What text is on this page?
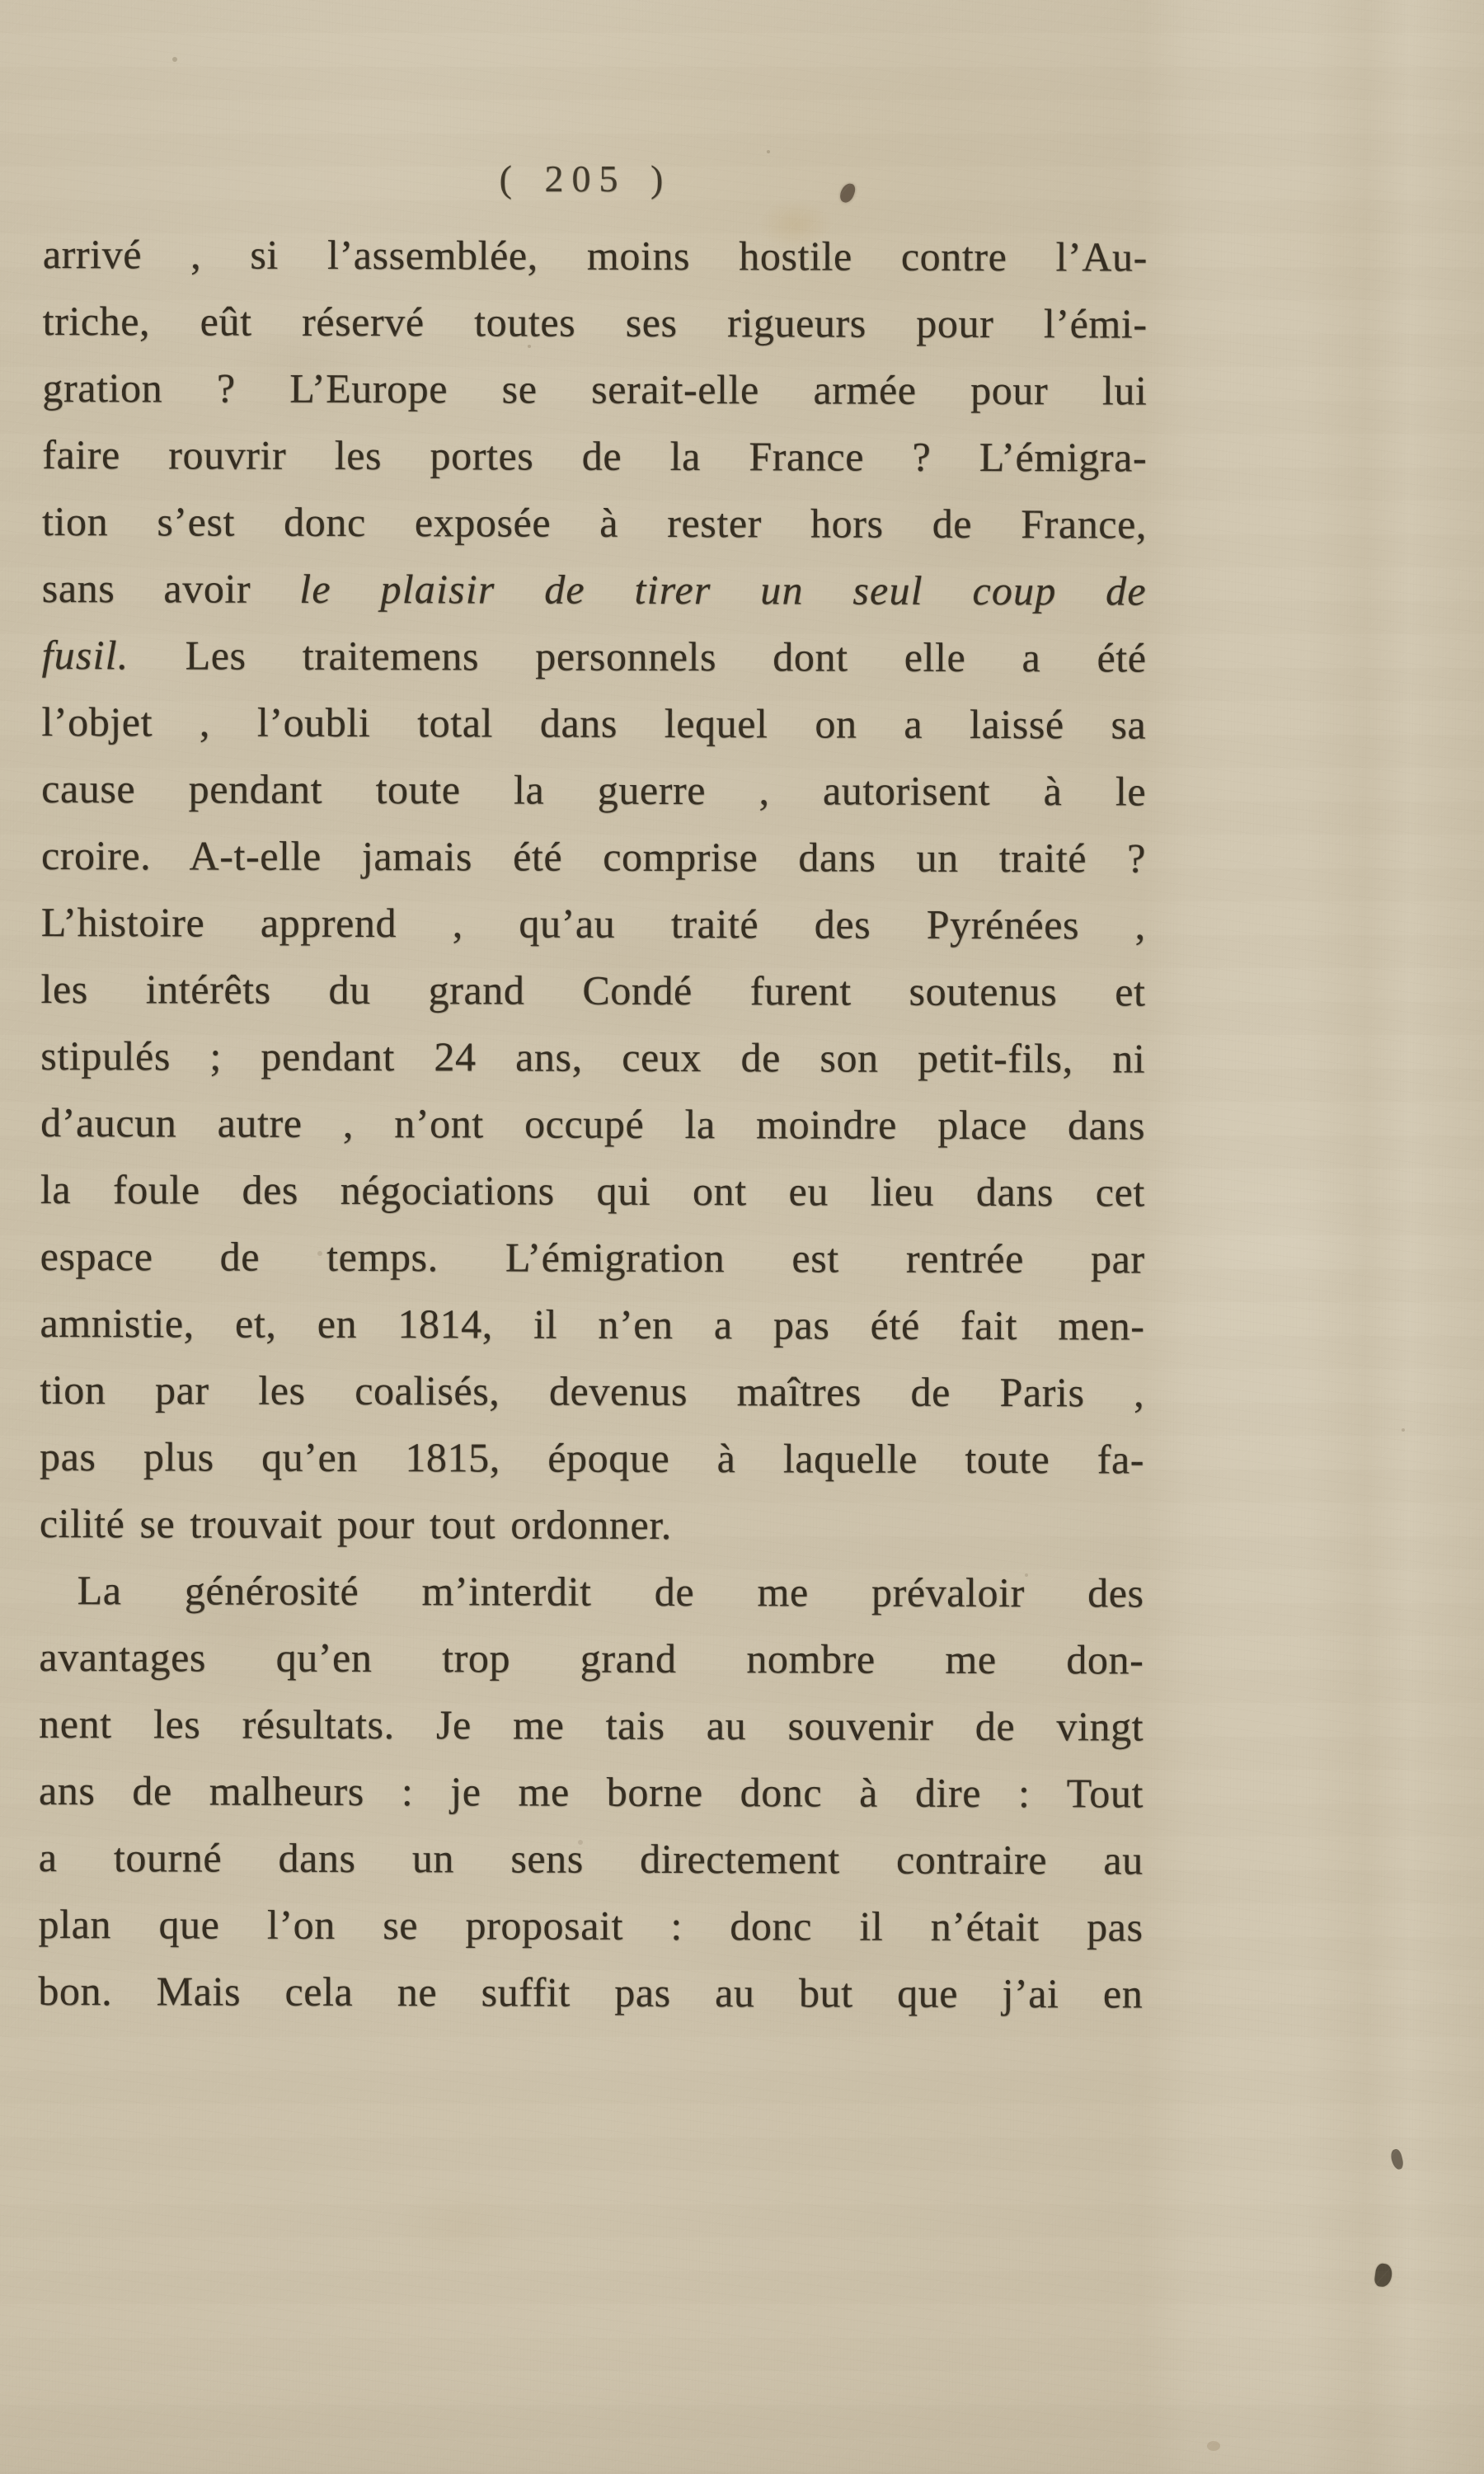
( 205 )
arrivé , si l’assemblée, moins hostile contre l’Au-
triche, eût réservé toutes ses rigueurs pour l’émi-
gration ? L’Europe se serait-elle armée pour lui
faire rouvrir les portes de la France ? L’émigra-
tion s’est donc exposée à rester hors de France,
sans avoir le plaisir de tirer un seul coup de
fusil. Les traitemens personnels dont elle a été
l’objet , l’oubli total dans lequel on a laissé sa
cause pendant toute la guerre , autorisent à le
croire. A-t-elle jamais été comprise dans un traité ?
L’histoire apprend , qu’au traité des Pyrénées ,
les intérêts du grand Condé furent soutenus et
stipulés ; pendant 24 ans, ceux de son petit-fils, ni
d’aucun autre , n’ont occupé la moindre place dans
la foule des négociations qui ont eu lieu dans cet
espace de temps. L’émigration est rentrée par
amnistie, et, en 1814, il n’en a pas été fait men-
tion par les coalisés, devenus maîtres de Paris ,
pas plus qu’en 1815, époque à laquelle toute fa-
cilité se trouvait pour tout ordonner.
La générosité m’interdit de me prévaloir des
avantages qu’en trop grand nombre me don-
nent les résultats. Je me tais au souvenir de vingt
ans de malheurs : je me borne donc à dire : Tout
a tourné dans un sens directement contraire au
plan que l’on se proposait : donc il n’était pas
bon. Mais cela ne suffit pas au but que j’ai en
